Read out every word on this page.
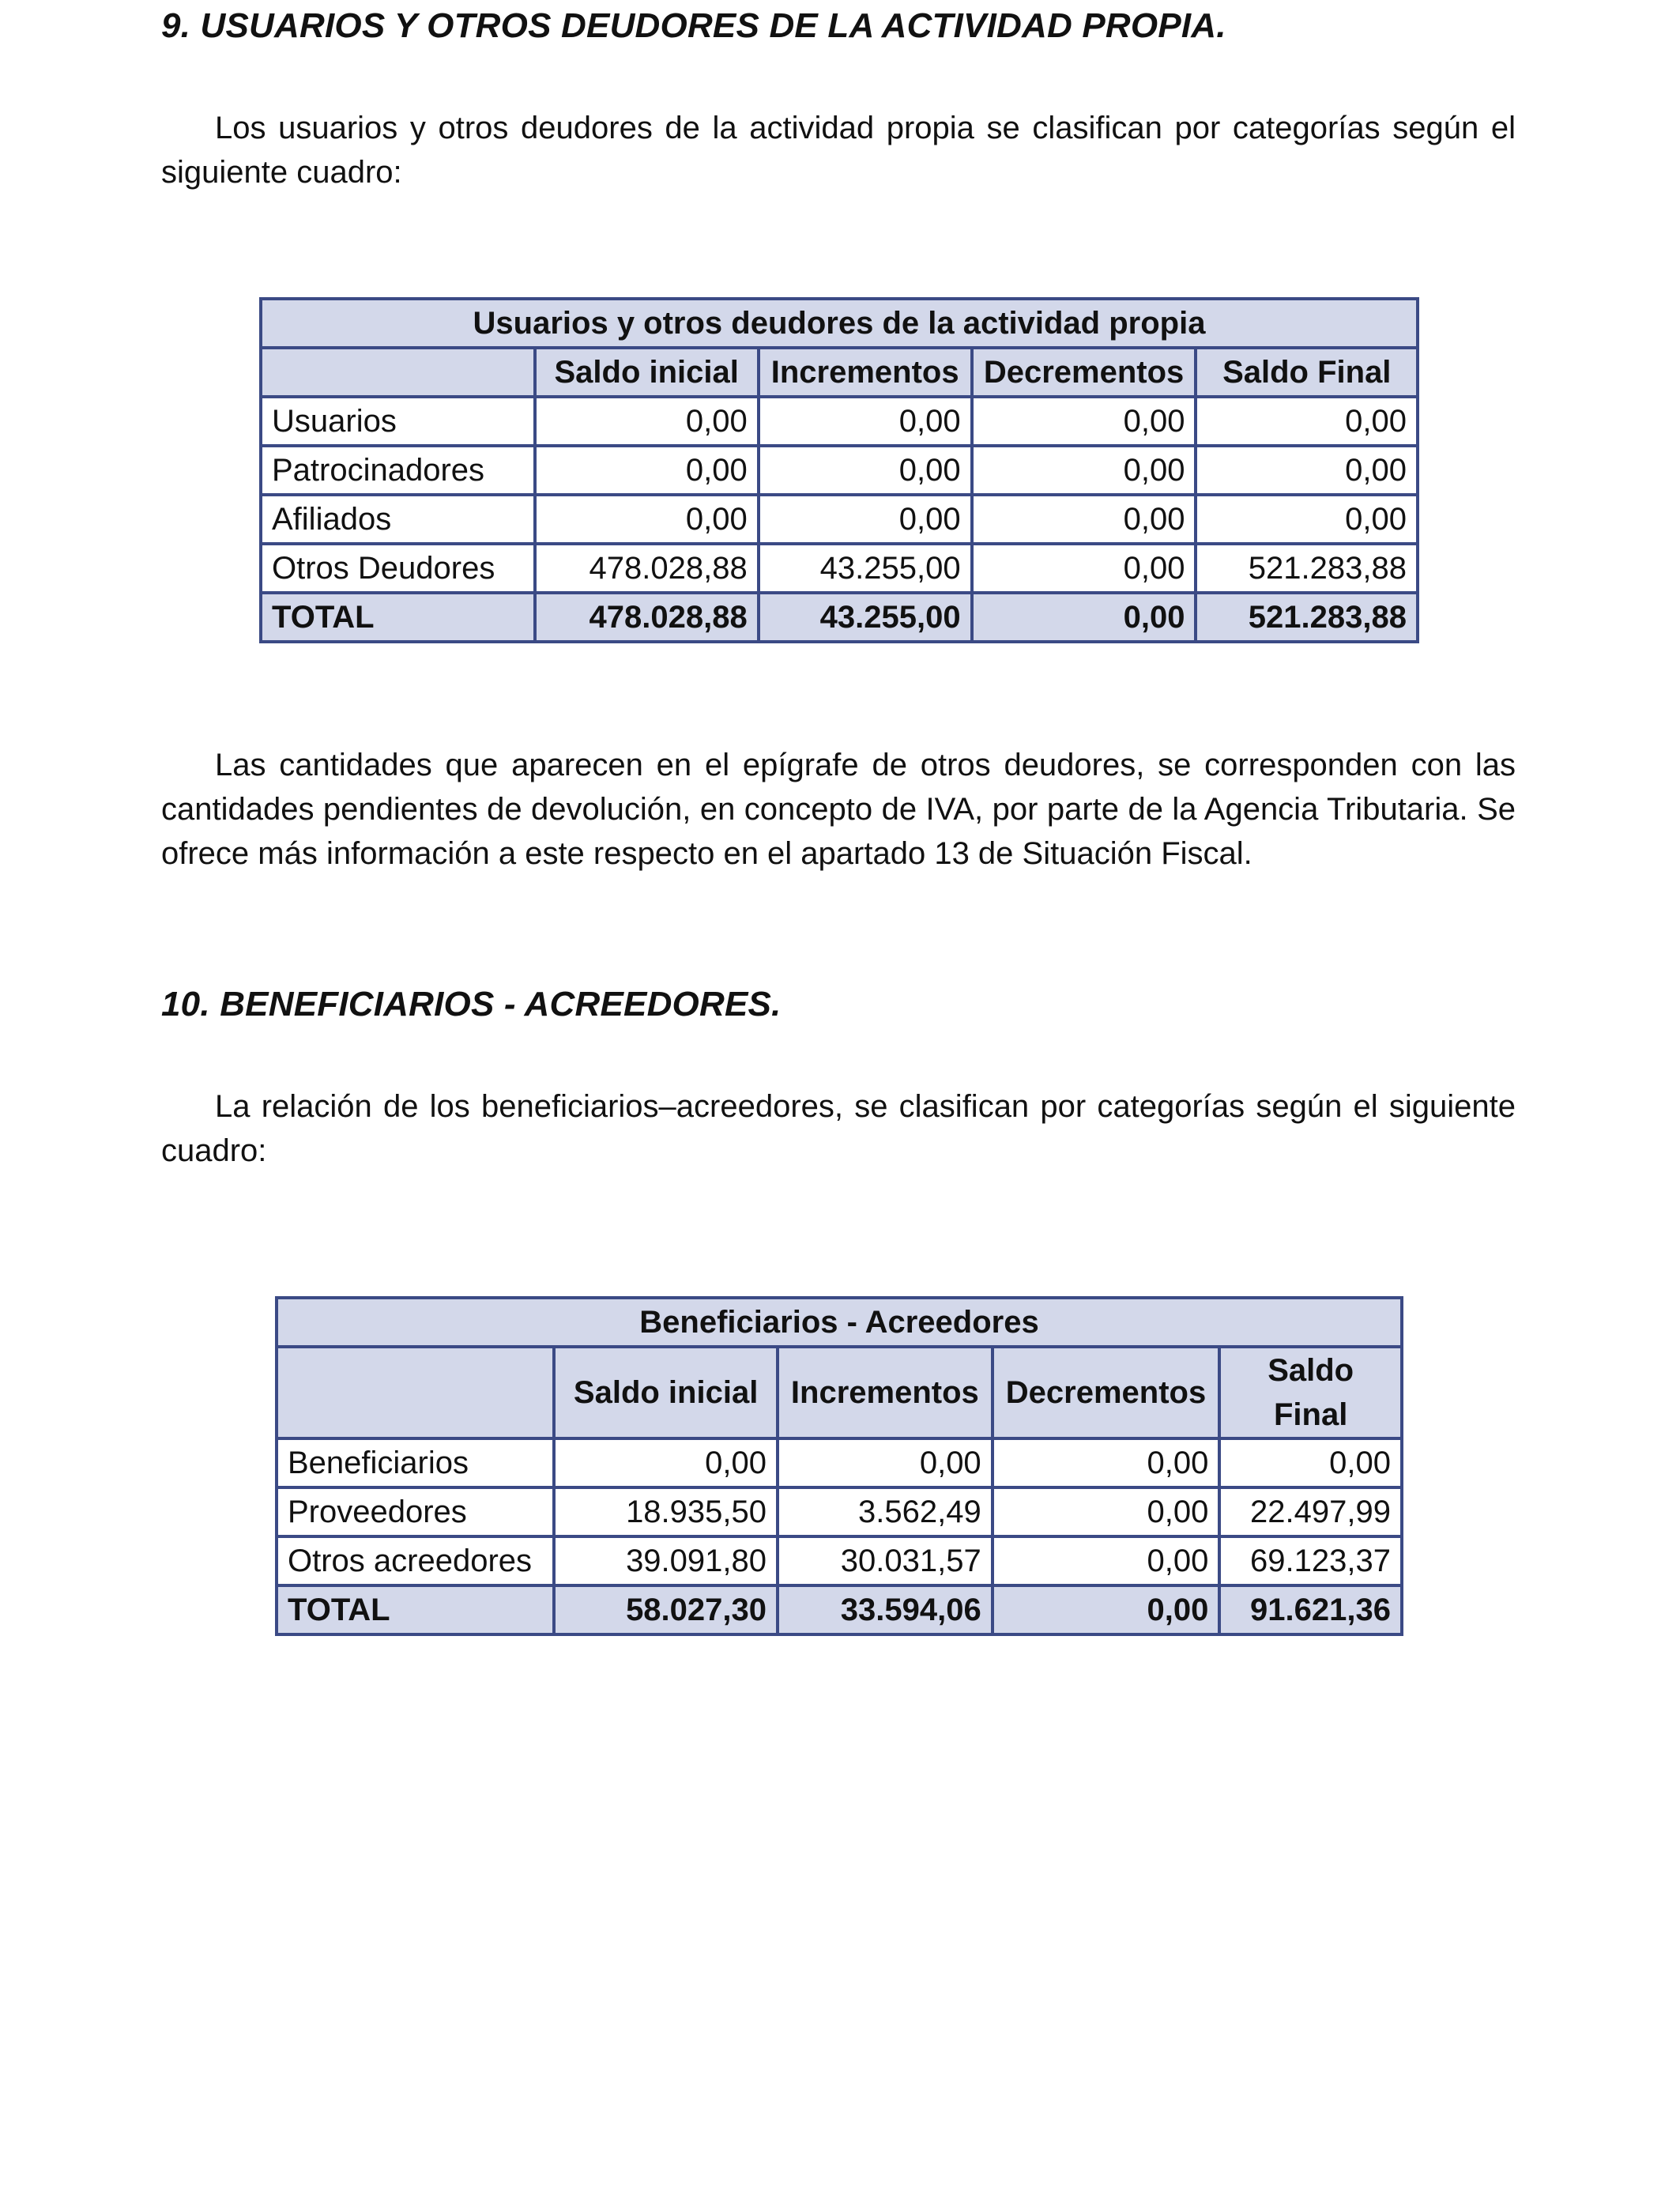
9. USUARIOS Y OTROS DEUDORES DE LA ACTIVIDAD PROPIA.

Los usuarios y otros deudores de la actividad propia se clasifican por categorías según el siguiente cuadro:

Usuarios y otros deudores de la actividad propia				
	Saldo inicial	Incrementos	Decrementos	Saldo Final
Usuarios	0,00	0,00	0,00	0,00
Patrocinadores	0,00	0,00	0,00	0,00
Afiliados	0,00	0,00	0,00	0,00
Otros Deudores	478.028,88	43.255,00	0,00	521.283,88
TOTAL	478.028,88	43.255,00	0,00	521.283,88

Las cantidades que aparecen en el epígrafe de otros deudores, se corresponden con las cantidades pendientes de devolución, en concepto de IVA, por parte de la Agencia Tributaria. Se ofrece más información a este respecto en el apartado 13 de Situación Fiscal.

10. BENEFICIARIOS - ACREEDORES.

La relación de los beneficiarios–acreedores, se clasifican por categorías según el siguiente cuadro:

Beneficiarios - Acreedores				
	Saldo inicial	Incrementos	Decrementos	Saldo Final
Beneficiarios	0,00	0,00	0,00	0,00
Proveedores	18.935,50	3.562,49	0,00	22.497,99
Otros acreedores	39.091,80	30.031,57	0,00	69.123,37
TOTAL	58.027,30	33.594,06	0,00	91.621,36
